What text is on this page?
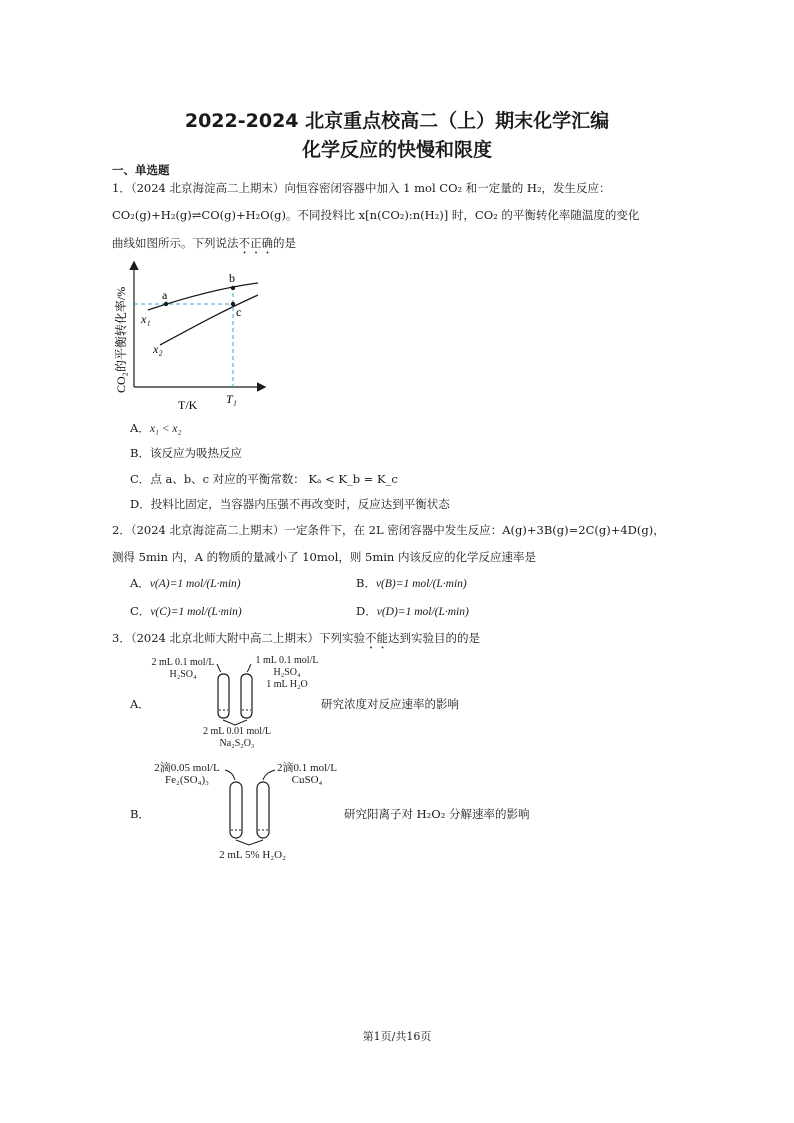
2022-2024 北京重点校高二（上）期末化学汇编
化学反应的快慢和限度
一、单选题
1．（2024 北京海淀高二上期末）向恒容密闭容器中加入 1 mol CO₂ 和一定量的 H₂，发生反应：
CO₂(g)+H₂(g)⇌CO(g)+H₂O(g)。不同投料比 x[n(CO₂):n(H₂)] 时，CO₂ 的平衡转化率随温度的变化
曲线如图所示。下列说法不正确的是
a
b
c
x₁
x₂
T₁
T/K
CO₂的平衡转化率/%
A．x₁ < x₂
B．该反应为吸热反应
C．点 a、b、c 对应的平衡常数： Kₐ < K_b = K_c
D．投料比固定，当容器内压强不再改变时，反应达到平衡状态
2．（2024 北京海淀高二上期末）一定条件下，在 2L 密闭容器中发生反应：A(g)+3B(g)=2C(g)+4D(g)，
测得 5min 内，A 的物质的量减小了 10mol，则 5min 内该反应的化学反应速率是
A．v(A)=1 mol/(L·min)	B．v(B)=1 mol/(L·min)
C．v(C)=1 mol/(L·min)	D．v(D)=1 mol/(L·min)
3．（2024 北京北师大附中高二上期末）下列实验不能达到实验目的的是
A．
2 mL 0.1 mol/L
H₂SO₄
1 mL 0.1 mol/L
H₂SO₄
1 mL H₂O
2 mL 0.01 mol/L
Na₂S₂O₃
研究浓度对反应速率的影响
B．
2滴0.05 mol/L
Fe₂(SO₄)₃
2滴0.1 mol/L
CuSO₄
2 mL 5% H₂O₂
研究阳离子对 H₂O₂ 分解速率的影响
第1页/共16页
